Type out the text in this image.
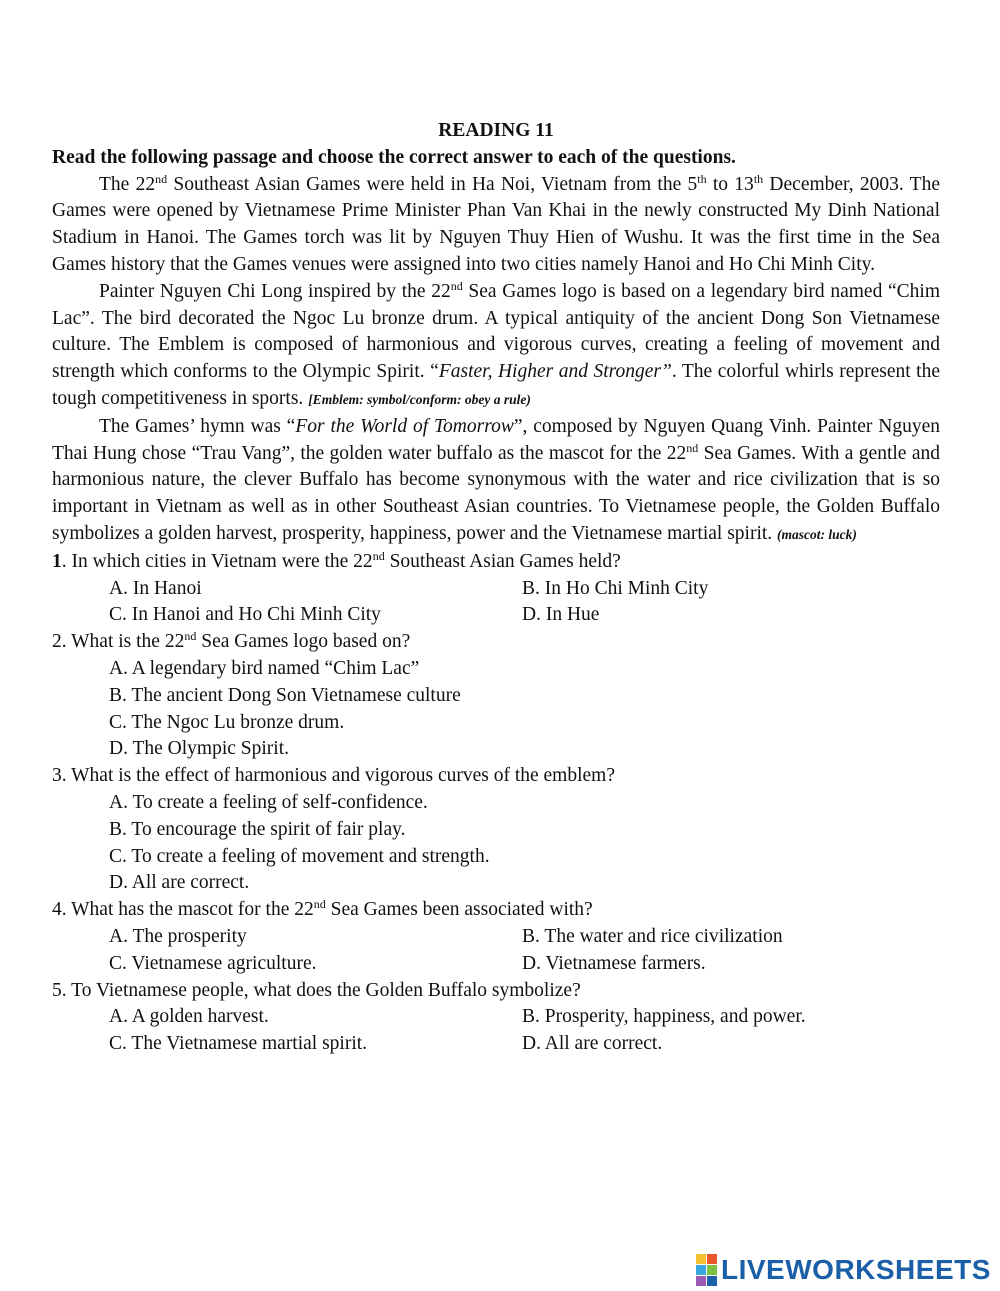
READING 11
Read the following passage and choose the correct answer to each of the questions.

The 22nd Southeast Asian Games were held in Ha Noi, Vietnam from the 5th to 13th December, 2003. The Games were opened by Vietnamese Prime Minister Phan Van Khai in the newly constructed My Dinh National Stadium in Hanoi. The Games torch was lit by Nguyen Thuy Hien of Wushu. It was the first time in the Sea Games history that the Games venues were assigned into two cities namely Hanoi and Ho Chi Minh City.

Painter Nguyen Chi Long inspired by the 22nd Sea Games logo is based on a legendary bird named “Chim Lac”. The bird decorated the Ngoc Lu bronze drum. A typical antiquity of the ancient Dong Son Vietnamese culture. The Emblem is composed of harmonious and vigorous curves, creating a feeling of movement and strength which conforms to the Olympic Spirit. “Faster, Higher and Stronger”. The colorful whirls represent the tough competitiveness in sports. [Emblem: symbol/conform: obey a rule)

The Games’ hymn was “For the World of Tomorrow”, composed by Nguyen Quang Vinh. Painter Nguyen Thai Hung chose “Trau Vang”, the golden water buffalo as the mascot for the 22nd Sea Games. With a gentle and harmonious nature, the clever Buffalo has become synonymous with the water and rice civilization that is so important in Vietnam as well as in other Southeast Asian countries. To Vietnamese people, the Golden Buffalo symbolizes a golden harvest, prosperity, happiness, power and the Vietnamese martial spirit. (mascot: luck)

1. In which cities in Vietnam were the 22nd Southeast Asian Games held?
A. In Hanoi	B. In Ho Chi Minh City
C. In Hanoi and Ho Chi Minh City	D. In Hue
2. What is the 22nd Sea Games logo based on?
A. A legendary bird named “Chim Lac”
B. The ancient Dong Son Vietnamese culture
C. The Ngoc Lu bronze drum.
D. The Olympic Spirit.
3. What is the effect of harmonious and vigorous curves of the emblem?
A. To create a feeling of self-confidence.
B. To encourage the spirit of fair play.
C. To create a feeling of movement and strength.
D. All are correct.
4. What has the mascot for the 22nd Sea Games been associated with?
A. The prosperity	B. The water and rice civilization
C. Vietnamese agriculture.	D. Vietnamese farmers.
5. To Vietnamese people, what does the Golden Buffalo symbolize?
A. A golden harvest.	B. Prosperity, happiness, and power.
C. The Vietnamese martial spirit.	D. All are correct.
LIVEWORKSHEETS
